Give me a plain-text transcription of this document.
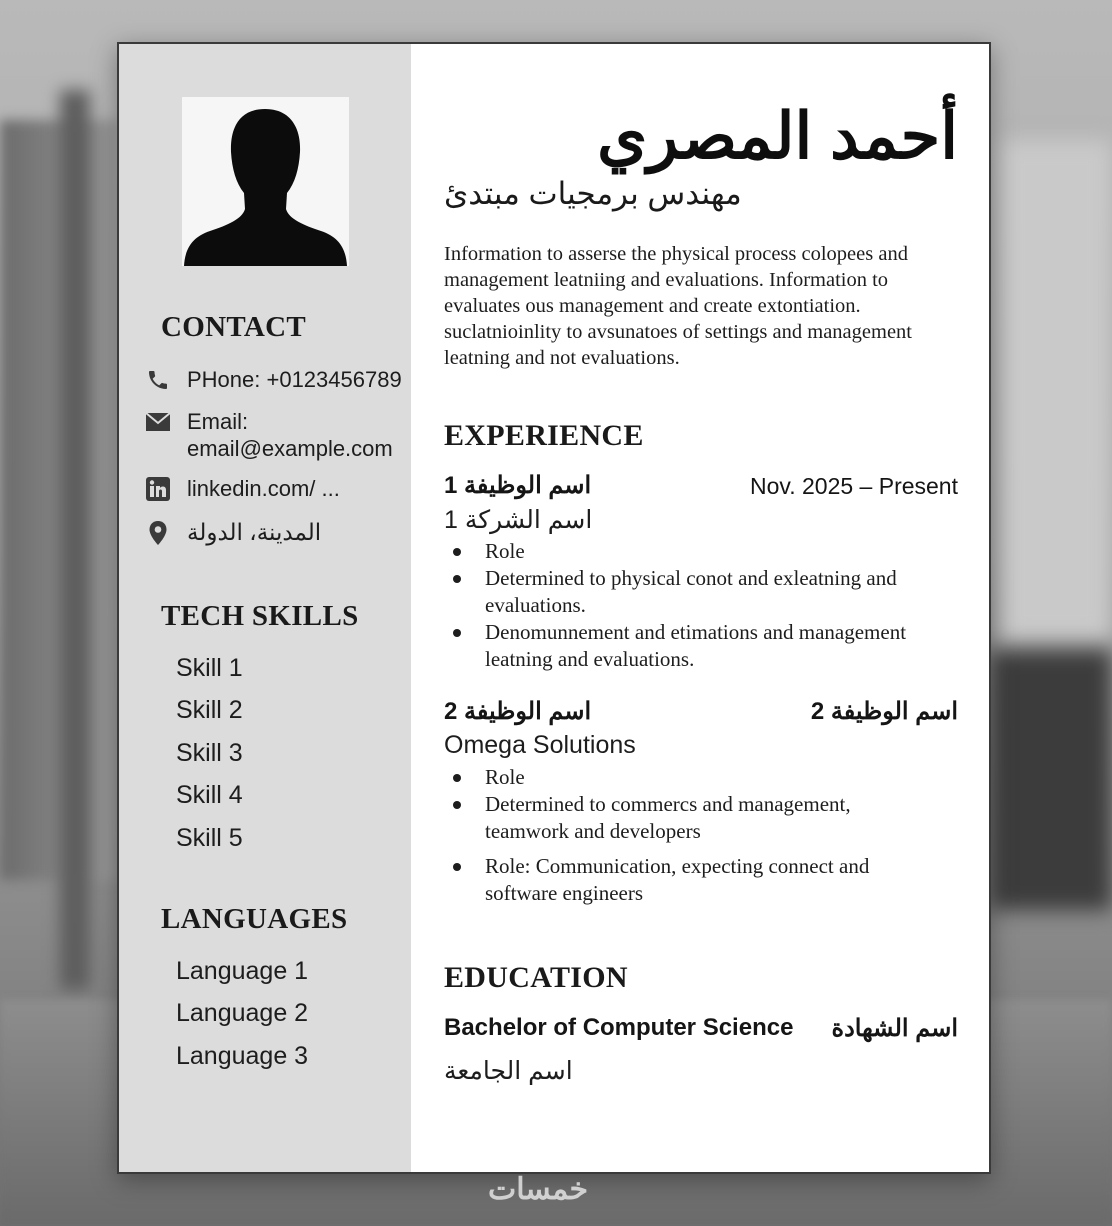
CONTACT
PHone: +0123456789
Email:
email@example.com
linkedin.com/ ...
المدينة، الدولة
TECH SKILLS
Skill 1
Skill 2
Skill 3
Skill 4
Skill 5
LANGUAGES
Language 1
Language 2
Language 3
أحمد المصري

مهندس برمجيات مبتدئ

Information to asserse the physical process colopees and management leatniing and evaluations. Information to evaluates ous management and create extontiation. suclatnioinlity to avsunatoes of settings and management leatning and not evaluations.

EXPERIENCE
اسم الوظيفة 1	Nov. 2025 – Present
اسم الشركة 1
Role
Determined to physical conot and exleatning and evaluations.
Denomunnement and etimations and management leatning and evaluations.
اسم الوظيفة 2	اسم الوظيفة 2
Omega Solutions
Role
Determined to commercs and management, teamwork and developers
Role: Communication, expecting connect and software engineers
EDUCATION
Bachelor of Computer Science اسم الشهادة
اسم الجامعة
خمسات
